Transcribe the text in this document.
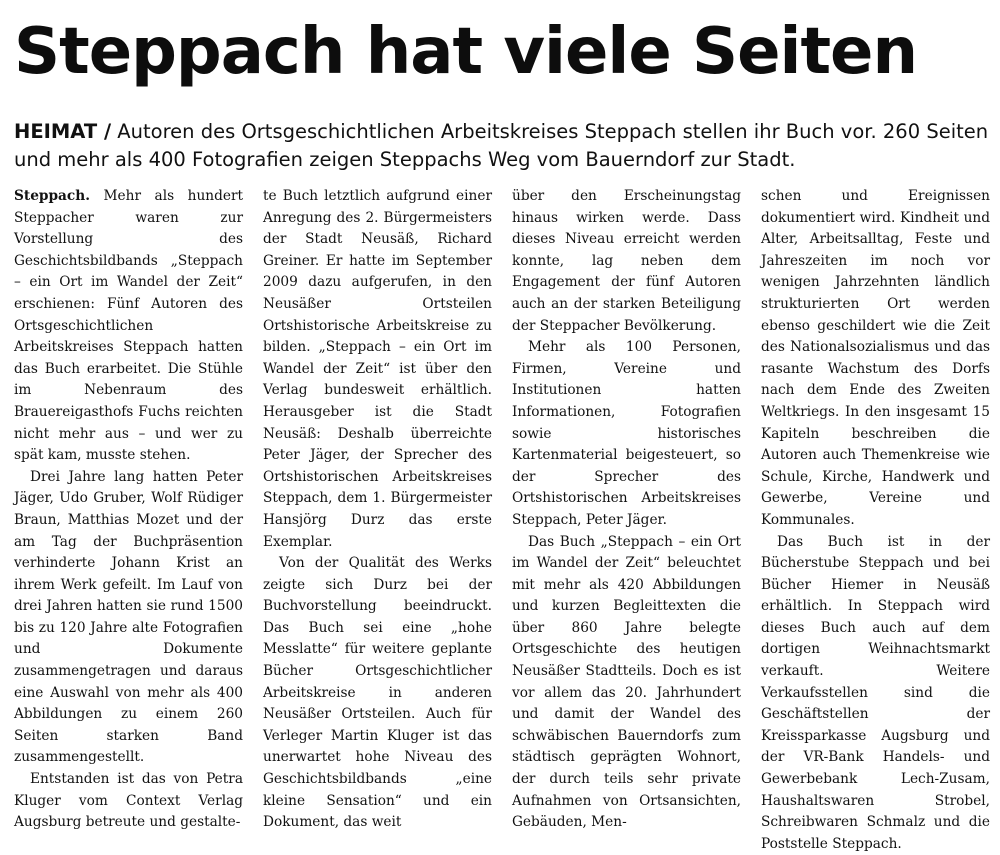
Steppach hat viele Seiten

HEIMAT / Autoren des Ortsgeschichtlichen Arbeitskreises Steppach stellen ihr Buch vor. 260 Seiten und mehr als 400 Fotografien zeigen Steppachs Weg vom Bauerndorf zur Stadt.

Steppach. Mehr als hundert Steppacher waren zur Vorstellung des Geschichtsbildbands „Steppach – ein Ort im Wandel der Zeit“ erschienen: Fünf Autoren des Ortsgeschichtlichen Arbeitskreises Steppach hatten das Buch erarbeitet. Die Stühle im Nebenraum des Brauereigasthofs Fuchs reichten nicht mehr aus – und wer zu spät kam, musste stehen.

Drei Jahre lang hatten Peter Jäger, Udo Gruber, Wolf Rüdiger Braun, Matthias Mozet und der am Tag der Buchpräsention verhinderte Johann Krist an ihrem Werk gefeilt. Im Lauf von drei Jahren hatten sie rund 1500 bis zu 120 Jahre alte Fotografien und Dokumente zusammengetragen und daraus eine Auswahl von mehr als 400 Abbildungen zu einem 260 Seiten starken Band zusammengestellt.

Entstanden ist das von Petra Kluger vom Context Verlag Augsburg betreute und gestalte-

te Buch letztlich aufgrund einer Anregung des 2. Bürgermeisters der Stadt Neusäß, Richard Greiner. Er hatte im September 2009 dazu aufgerufen, in den Neusäßer Ortsteilen Ortshistorische Arbeitskreise zu bilden. „Steppach – ein Ort im Wandel der Zeit“ ist über den Verlag bundesweit erhältlich. Herausgeber ist die Stadt Neusäß: Deshalb überreichte Peter Jäger, der Sprecher des Ortshistorischen Arbeitskreises Steppach, dem 1. Bürgermeister Hansjörg Durz das erste Exemplar.

Von der Qualität des Werks zeigte sich Durz bei der Buchvorstellung beeindruckt. Das Buch sei eine „hohe Messlatte“ für weitere geplante Bücher Ortsgeschichtlicher Arbeitskreise in anderen Neusäßer Ortsteilen. Auch für Verleger Martin Kluger ist das unerwartet hohe Niveau des Geschichtsbildbands „eine kleine Sensation“ und ein Dokument, das weit

über den Erscheinungstag hinaus wirken werde. Dass dieses Niveau erreicht werden konnte, lag neben dem Engagement der fünf Autoren auch an der starken Beteiligung der Steppacher Bevölkerung.

Mehr als 100 Personen, Firmen, Vereine und Institutionen hatten Informationen, Fotografien sowie historisches Kartenmaterial beigesteuert, so der Sprecher des Ortshistorischen Arbeitskreises Steppach, Peter Jäger.

Das Buch „Steppach – ein Ort im Wandel der Zeit“ beleuchtet mit mehr als 420 Abbildungen und kurzen Begleittexten die über 860 Jahre belegte Ortsgeschichte des heutigen Neusäßer Stadtteils. Doch es ist vor allem das 20. Jahrhundert und damit der Wandel des schwäbischen Bauerndorfs zum städtisch geprägten Wohnort, der durch teils sehr private Aufnahmen von Ortsansichten, Gebäuden, Men-

schen und Ereignissen dokumentiert wird. Kindheit und Alter, Arbeitsalltag, Feste und Jahreszeiten im noch vor wenigen Jahrzehnten ländlich strukturierten Ort werden ebenso geschildert wie die Zeit des Nationalsozialismus und das rasante Wachstum des Dorfs nach dem Ende des Zweiten Weltkriegs. In den insgesamt 15 Kapiteln beschreiben die Autoren auch Themenkreise wie Schule, Kirche, Handwerk und Gewerbe, Vereine und Kommunales.

Das Buch ist in der Bücherstube Steppach und bei Bücher Hiemer in Neusäß erhältlich. In Steppach wird dieses Buch auch auf dem dortigen Weihnachtsmarkt verkauft. Weitere Verkaufsstellen sind die Geschäftstellen der Kreissparkasse Augsburg und der VR-Bank Handels- und Gewerbebank Lech-Zusam, Haushaltswaren Strobel, Schreibwaren Schmalz und die Poststelle Steppach.
